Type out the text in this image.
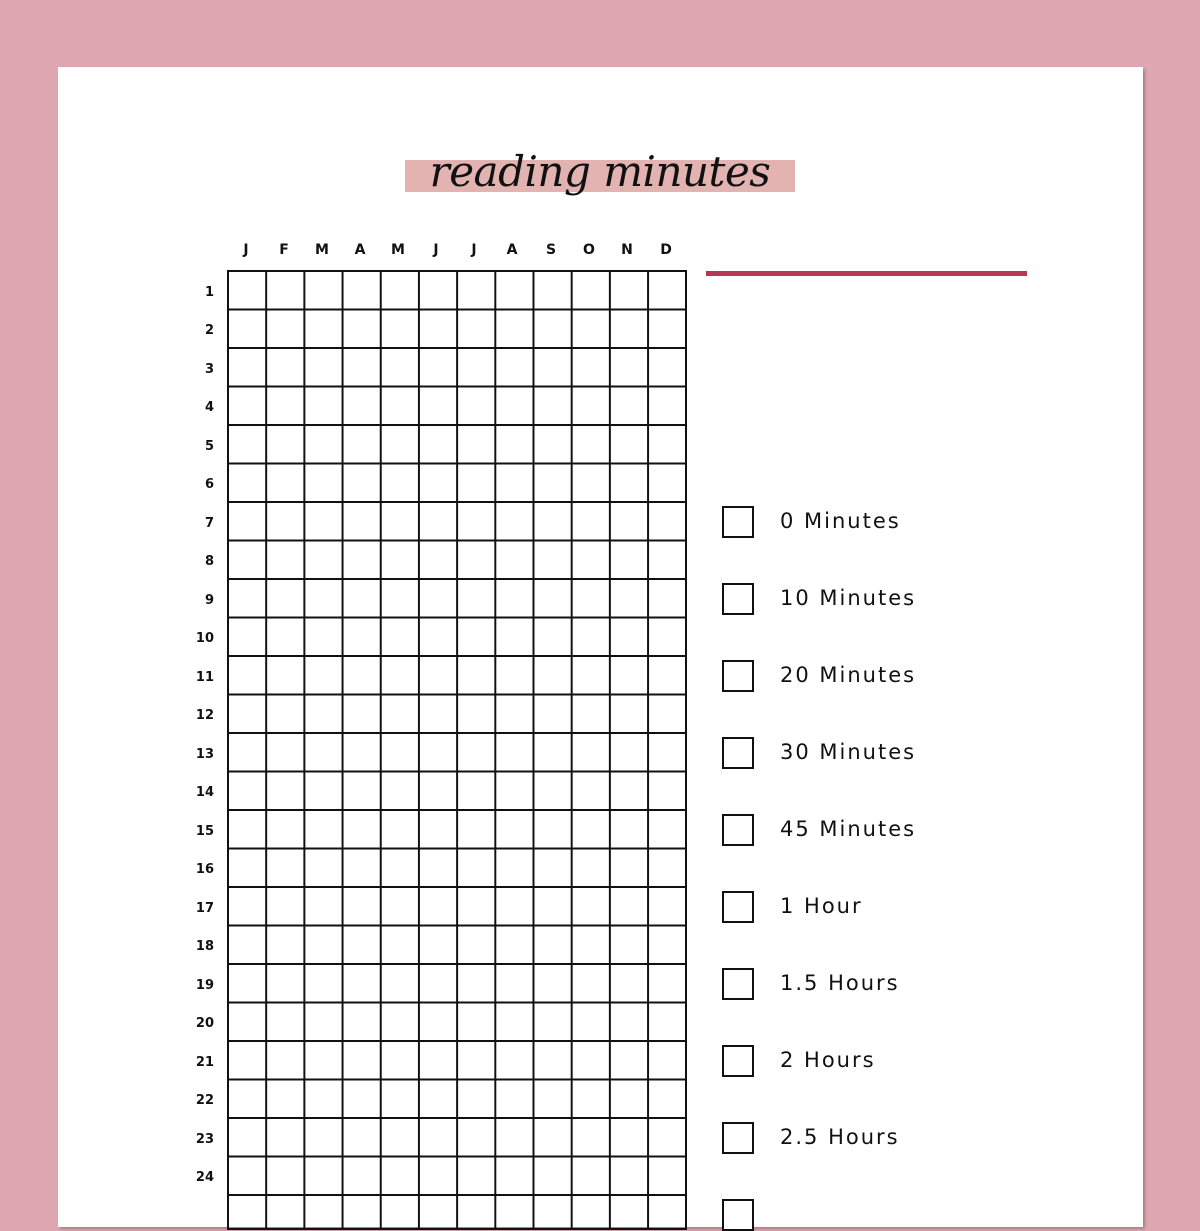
reading minutes
J	F	M	A	M	J	J	A	S	O	N	D
1
2
3
4
5
6
7
8
9
10
11
12
13
14
15
16
17
18
19
20
21
22
23
24
0 Minutes
10 Minutes
20 Minutes
30 Minutes
45 Minutes
1 Hour
1.5 Hours
2 Hours
2.5 Hours
